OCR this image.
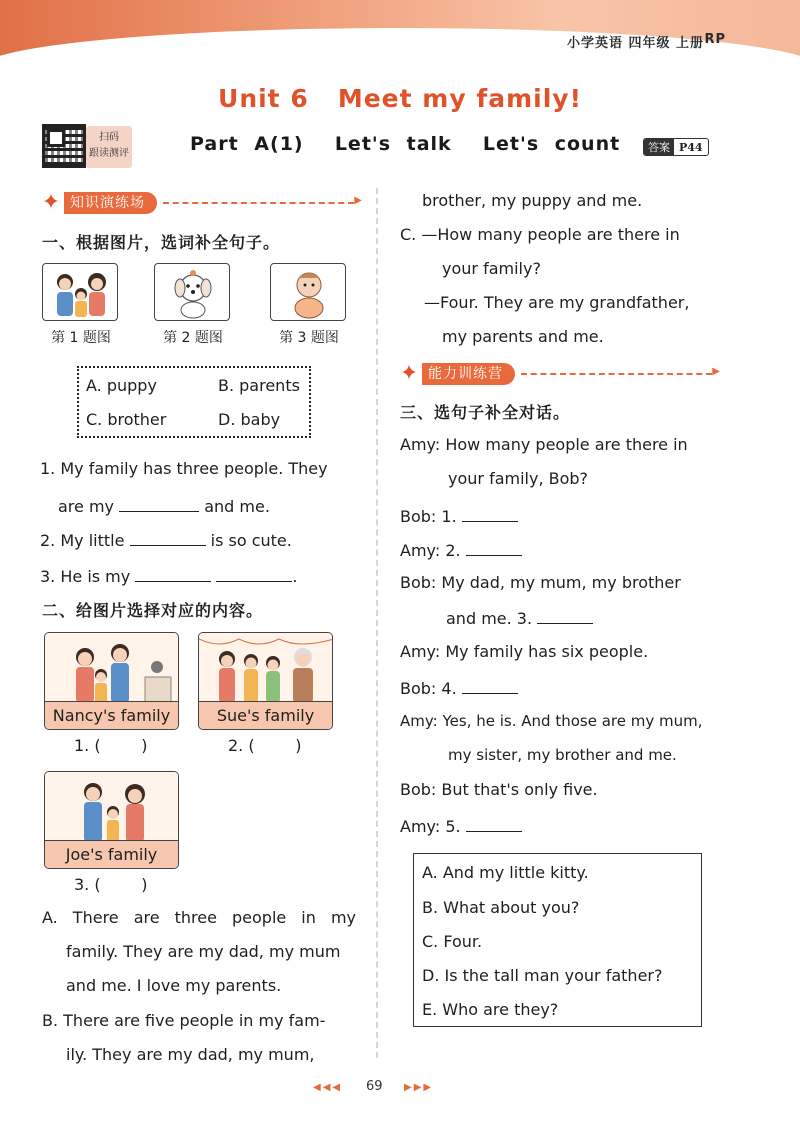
小学英语 四年级 上册 RP
Unit 6   Meet my family!
扫码
跟读测评	Part A(1)  Let's talk  Let's count	答案 P44
✦ 知识演练场
▶
一、根据图片，选词补全句子。
第 1 题图	第 2 题图	第 3 题图
A. puppy	B. parents
C. brother	D. baby
1. My family has three people. They
are my	and me.
2. My little	is so cute.
3. He is my	.
二、给图片选择对应的内容。
Nancy's family
1. (        )
Sue's family
2. (        )
Joe's family
3. (        )
A. There are three people in my
family. They are my dad, my mum
and me. I love my parents.
B. There are five people in my fam-
ily. They are my dad, my mum,
brother, my puppy and me.
C. —How many people are there in
your family?
—Four. They are my grandfather,
my parents and me.
✦ 能力训练营
▶
三、选句子补全对话。
Amy: How many people are there in
your family, Bob?
Bob: 1.
Amy: 2.
Bob: My dad, my mum, my brother
and me. 3.
Amy: My family has six people.
Bob: 4.
Amy: Yes, he is. And those are my mum,
my sister, my brother and me.
Bob: But that's only five.
Amy: 5.
A. And my little kitty.
B. What about you?
C. Four.
D. Is the tall man your father?
E. Who are they?
◀◀◀ 69 ▶▶▶
